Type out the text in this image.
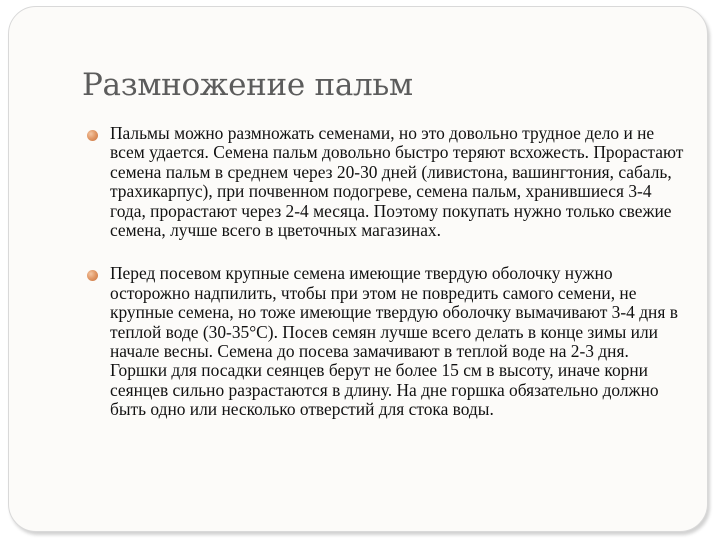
Размножение пальм
Пальмы можно размножать семенами, но это довольно трудное дело и не всем удается. Семена пальм довольно быстро теряют всхожесть. Прорастают семена пальм в среднем через 20-30 дней (ливистона, вашингтония, сабаль, трахикарпус), при почвенном подогреве, семена пальм, хранившиеся 3-4 года, прорастают через 2-4 месяца. Поэтому покупать нужно только свежие семена, лучше всего в цветочных магазинах.
Перед посевом крупные семена имеющие твердую оболочку нужно осторожно надпилить, чтобы при этом не повредить самого семени, не крупные семена, но тоже имеющие твердую оболочку вымачивают 3-4 дня в теплой воде (30-35°C). Посев семян лучше всего делать в конце зимы или начале весны. Семена до посева замачивают в теплой воде на 2-3 дня. Горшки для посадки сеянцев берут не более 15 см в высоту, иначе корни сеянцев сильно разрастаются в длину. На дне горшка обязательно должно быть одно или несколько отверстий для стока воды.
